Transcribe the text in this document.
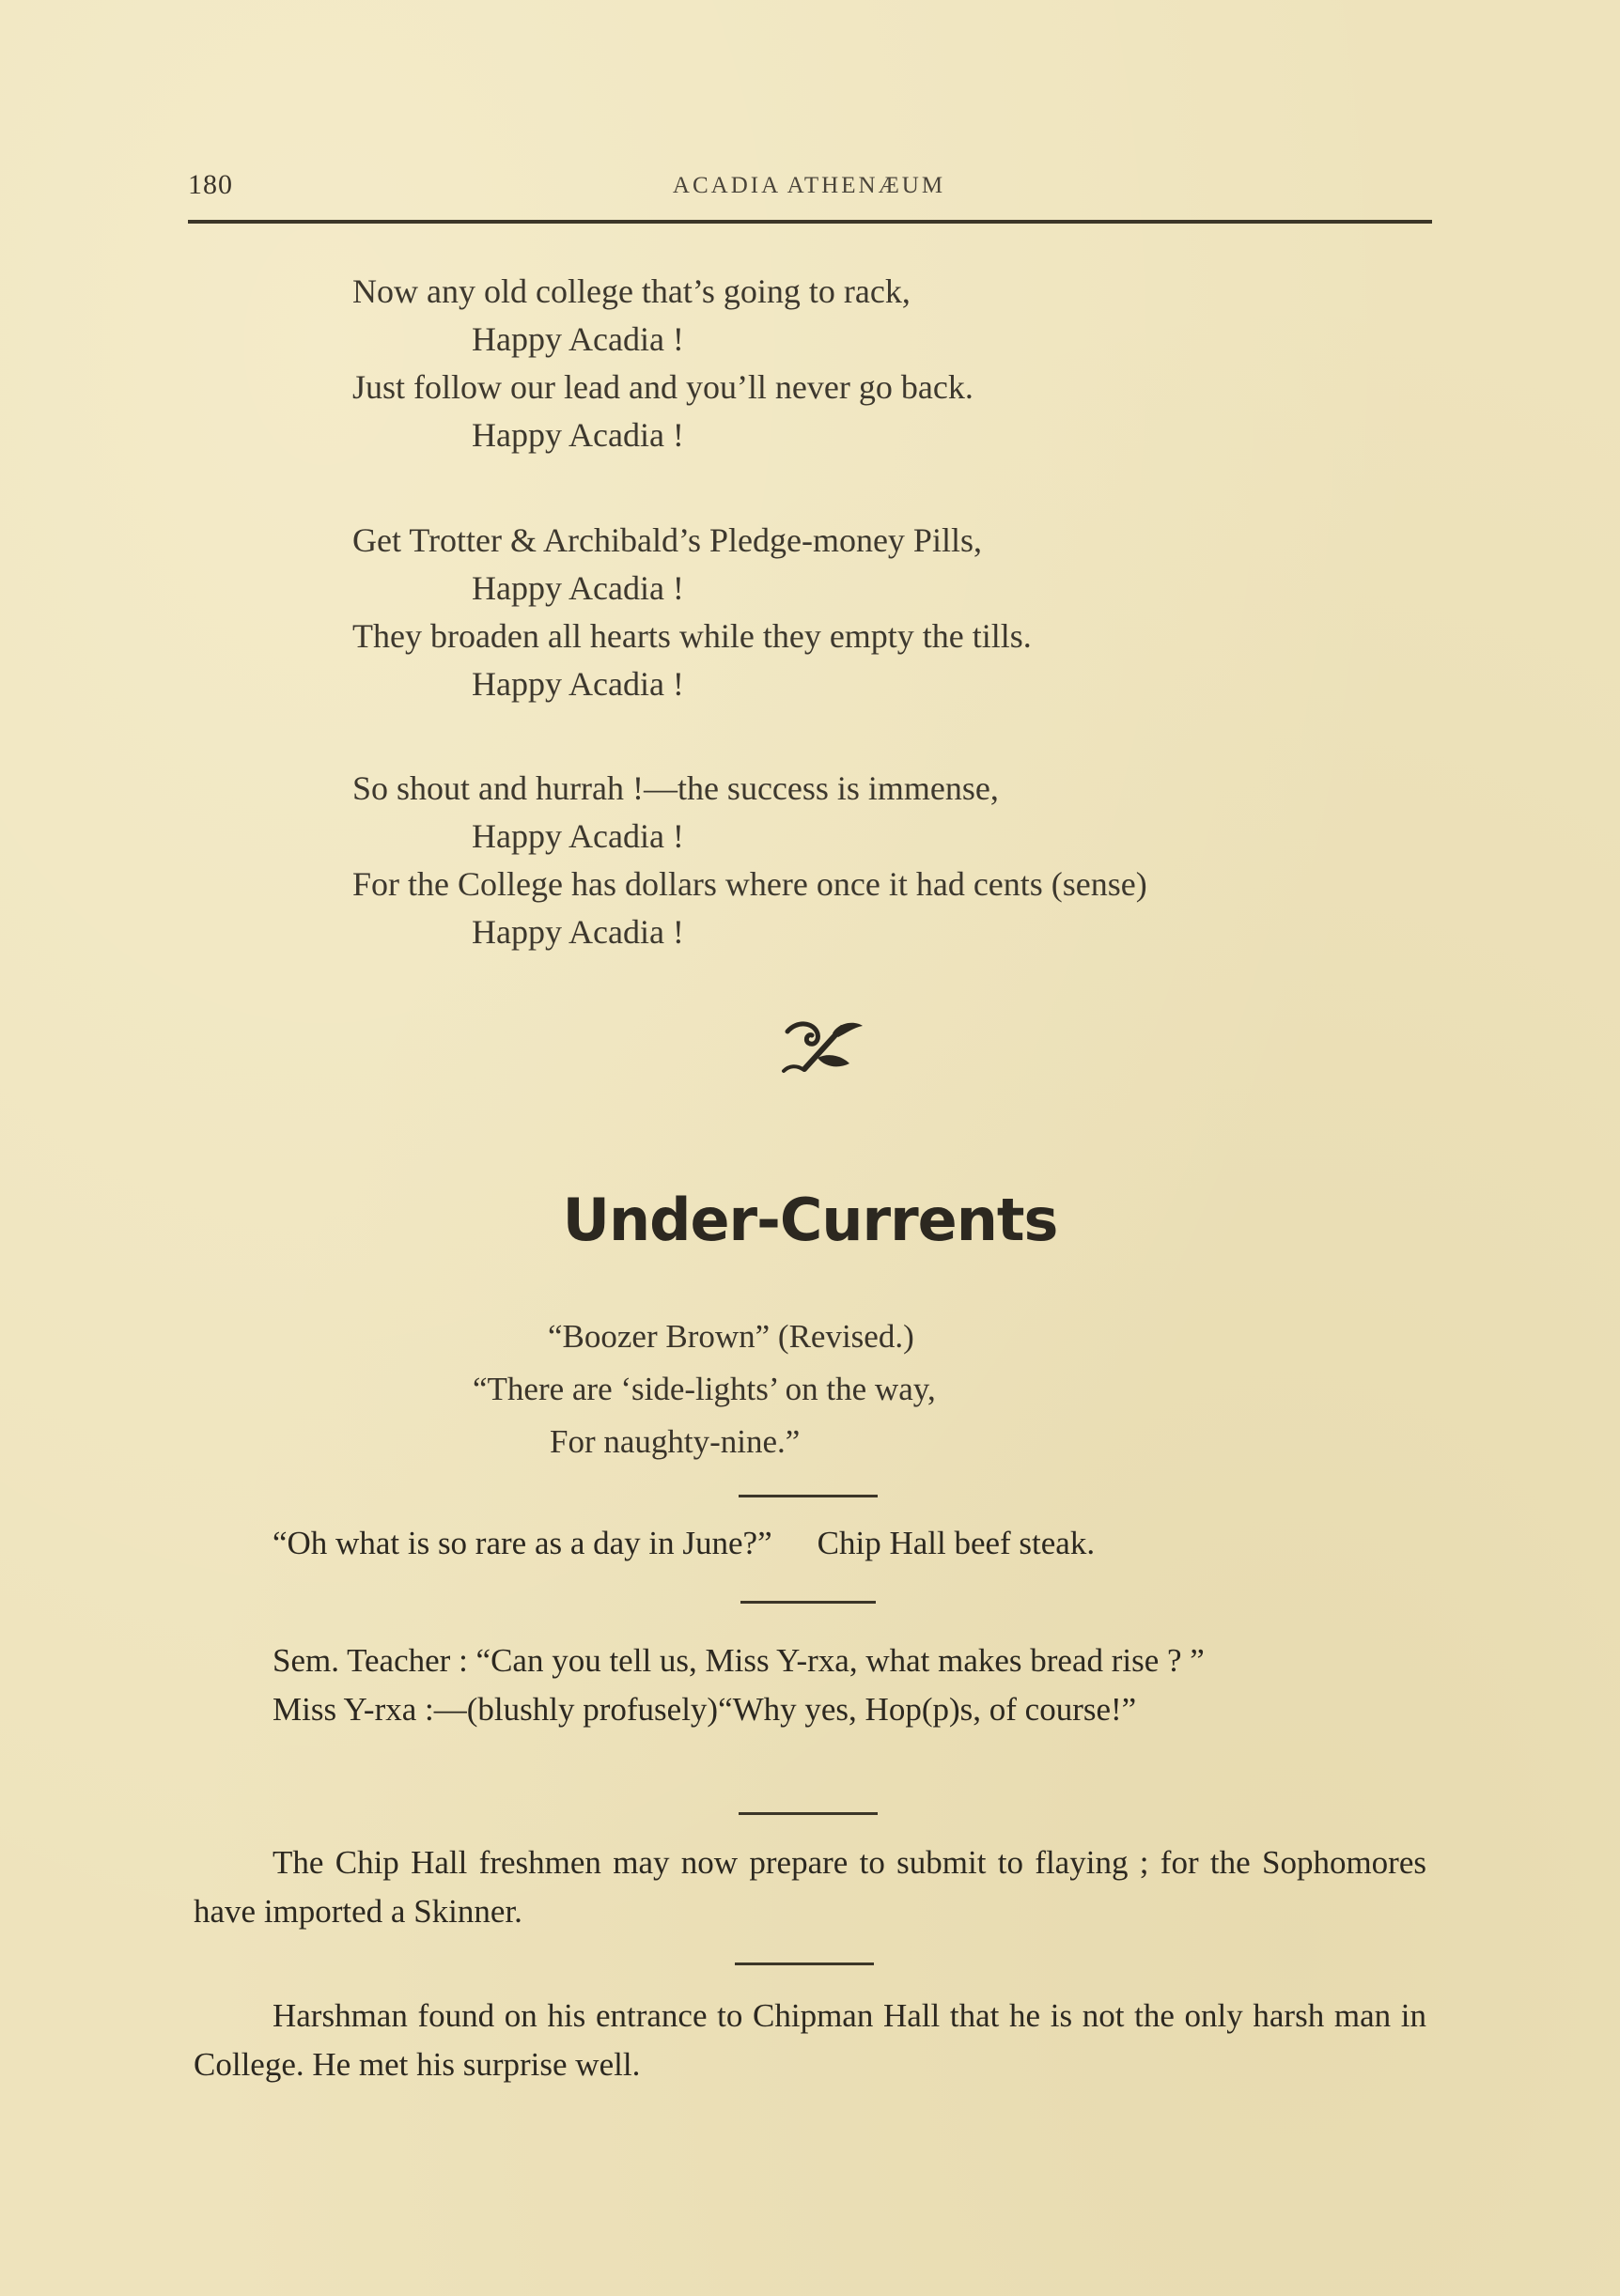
180	ACADIA ATHENÆUM
Now any old college that’s going to rack,
Happy Acadia !
Just follow our lead and you’ll never go back.
Happy Acadia !
Get Trotter & Archibald’s Pledge-money Pills,
Happy Acadia !
They broaden all hearts while they empty the tills.
Happy Acadia !
So shout and hurrah !—the success is immense,
Happy Acadia !
For the College has dollars where once it had cents (sense)
Happy Acadia !
Under-Currents
“Boozer Brown” (Revised.)
“There are ‘side-lights’ on the way,
For naughty-nine.”
“Oh what is so rare as a day in June?” Chip Hall beef steak.
Sem. Teacher : “Can you tell us, Miss Y-rxa, what makes bread rise ? ”
Miss Y-rxa :—(blushly profusely)“Why yes, Hop(p)s, of course!”
The Chip Hall freshmen may now prepare to submit to flaying ; for the Sophomores have imported a Skinner.
Harshman found on his entrance to Chipman Hall that he is not the only harsh man in College. He met his surprise well.
